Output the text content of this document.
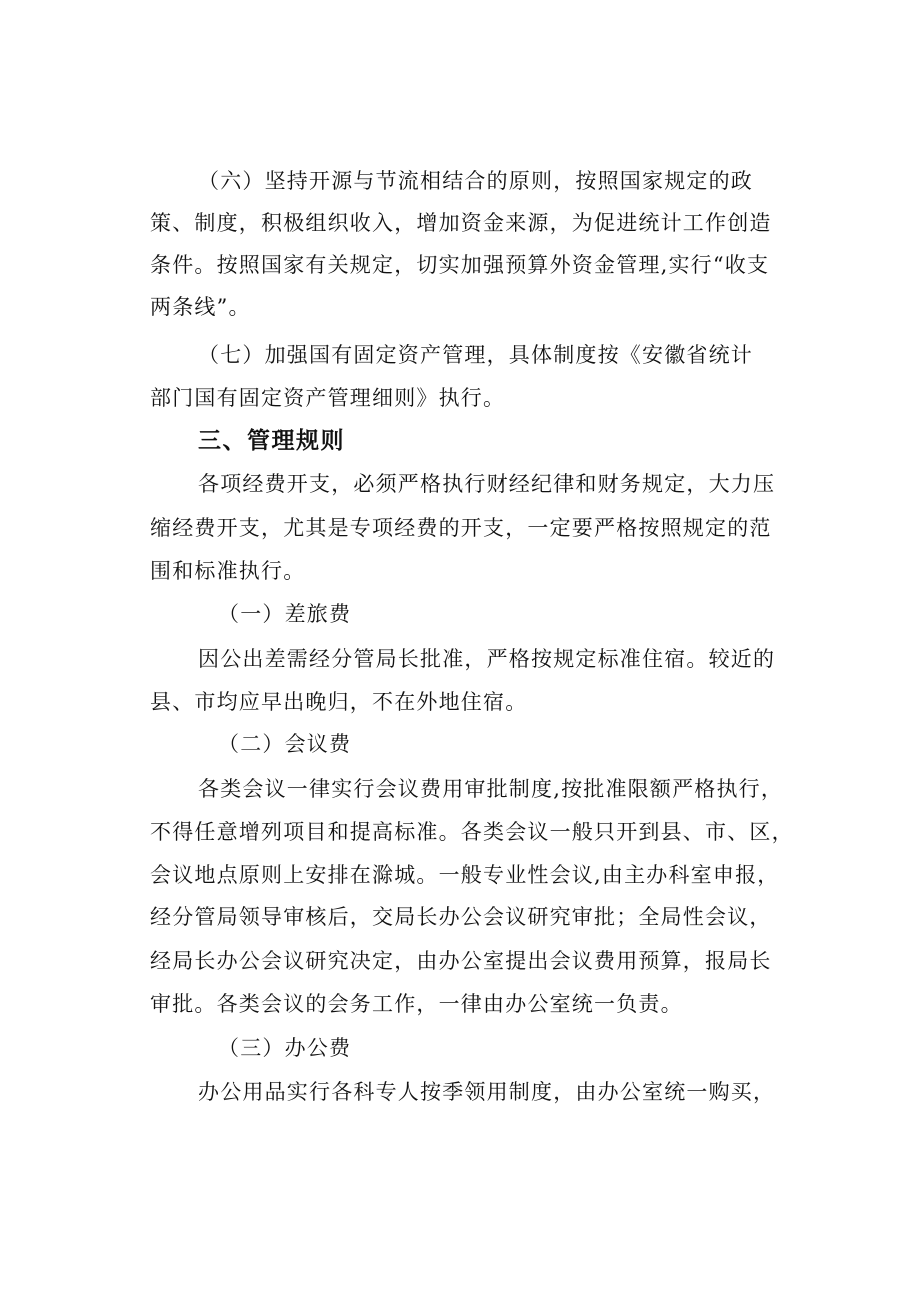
（六）坚持开源与节流相结合的原则，按照国家规定的政
策、制度，积极组织收入，增加资金来源，为促进统计工作创造
条件。按照国家有关规定，切实加强预算外资金管理,实行“收支
两条线”。
（七）加强国有固定资产管理，具体制度按《安徽省统计
部门国有固定资产管理细则》执行。
三、管理规则
各项经费开支，必须严格执行财经纪律和财务规定，大力压
缩经费开支，尤其是专项经费的开支，一定要严格按照规定的范
围和标准执行。
（一）差旅费
因公出差需经分管局长批准，严格按规定标准住宿。较近的
县、市均应早出晚归，不在外地住宿。
（二）会议费
各类会议一律实行会议费用审批制度,按批准限额严格执行，
不得任意增列项目和提高标准。各类会议一般只开到县、市、区，
会议地点原则上安排在滁城。一般专业性会议,由主办科室申报，
经分管局领导审核后，交局长办公会议研究审批；全局性会议，
经局长办公会议研究决定，由办公室提出会议费用预算，报局长
审批。各类会议的会务工作，一律由办公室统一负责。
（三）办公费
办公用品实行各科专人按季领用制度，由办公室统一购买，
